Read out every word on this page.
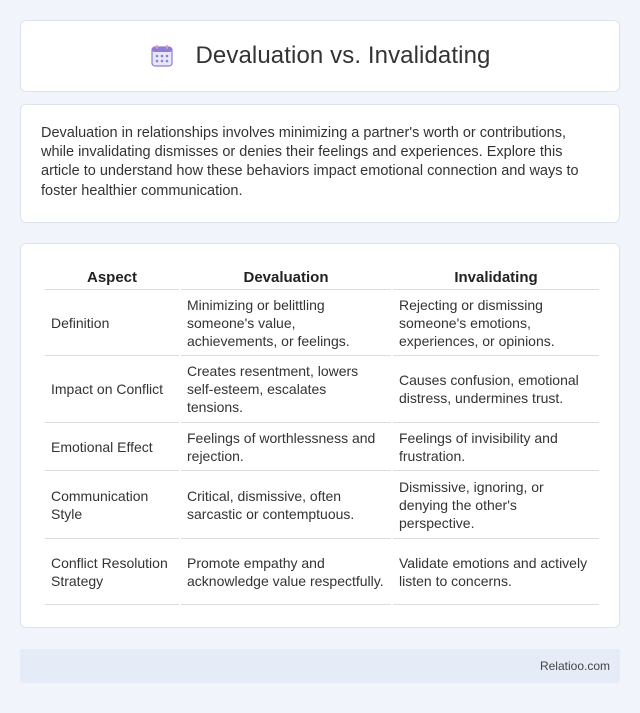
Devaluation vs. Invalidating

Devaluation in relationships involves minimizing a partner's worth or contributions, while invalidating dismisses or denies their feelings and experiences. Explore this article to understand how these behaviors impact emotional connection and ways to foster healthier communication.

Aspect	Devaluation	Invalidating
Definition	Minimizing or belittling someone's value, achievements, or feelings.	Rejecting or dismissing someone's emotions, experiences, or opinions.
Impact on Conflict	Creates resentment, lowers self-esteem, escalates tensions.	Causes confusion, emotional distress, undermines trust.
Emotional Effect	Feelings of worthlessness and rejection.	Feelings of invisibility and frustration.
Communication Style	Critical, dismissive, often sarcastic or contemptuous.	Dismissive, ignoring, or denying the other's perspective.
Conflict Resolution Strategy	Promote empathy and acknowledge value respectfully.	Validate emotions and actively listen to concerns.
Relatioo.com
